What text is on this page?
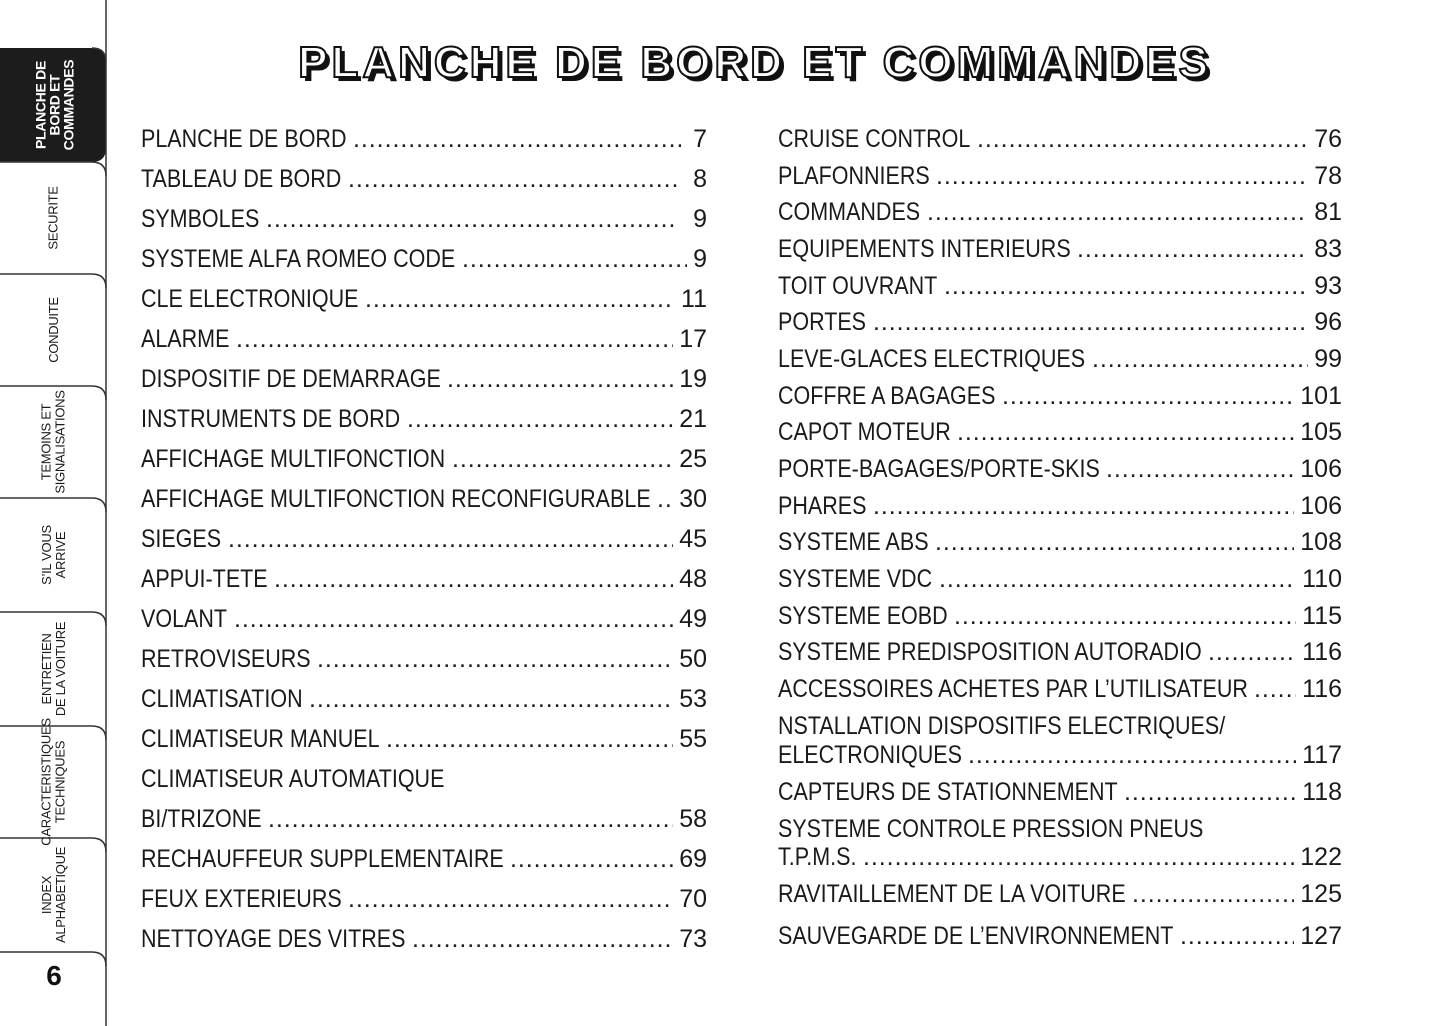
PLANCHE DE
BORD ET
COMMANDES
SECURITE
CONDUITE
TEMOINS ET SIGNALISATIONS
S’IL VOUS ARRIVE
ENTRETIEN DE LA VOITURE
CARACTERISTIQUES TECHNIQUES
INDEX ALPHABETIQUE
6
PLANCHE DE BORD ET COMMANDES
PLANCHE DE BORD . . .	7
TABLEAU DE BORD . . .	8
SYMBOLES . . .	9
SYSTEME ALFA ROMEO CODE . . .	9
CLE ELECTRONIQUE . . .	11
ALARME . . .	17
DISPOSITIF DE DEMARRAGE . . .	19
INSTRUMENTS DE BORD . . .	21
AFFICHAGE MULTIFONCTION . . .	25
AFFICHAGE MULTIFONCTION RECONFIGURABLE . . . 30
SIEGES . . .	45
APPUI-TETE . . .	48
VOLANT . . .	49
RETROVISEURS . . .	50
CLIMATISATION . . .	53
CLIMATISEUR MANUEL . . .	55
CLIMATISEUR AUTOMATIQUE
BI/TRIZONE . . .	58
RECHAUFFEUR SUPPLEMENTAIRE . . .	69
FEUX EXTERIEURS . . .	70
NETTOYAGE DES VITRES . . .	73
CRUISE CONTROL . . .	76
PLAFONNIERS . . .	78
COMMANDES . . .	81
EQUIPEMENTS INTERIEURS . . .	83
TOIT OUVRANT . . .	93
PORTES . . .	96
LEVE-GLACES ELECTRIQUES . . .	99
COFFRE A BAGAGES . . .	101
CAPOT MOTEUR . . .	105
PORTE-BAGAGES/PORTE-SKIS . . .	106
PHARES . . .	106
SYSTEME ABS . . .	108
SYSTEME VDC . . .	110
SYSTEME EOBD . . .	115
SYSTEME PREDISPOSITION AUTORADIO . . .	116
ACCESSOIRES ACHETES PAR L’UTILISATEUR . . . 116
NSTALLATION DISPOSITIFS ELECTRIQUES/
ELECTRONIQUES . . .	117
CAPTEURS DE STATIONNEMENT . . .	118
SYSTEME CONTROLE PRESSION PNEUS
T.P.M.S. . . .	122
RAVITAILLEMENT DE LA VOITURE . . .	125
SAUVEGARDE DE L’ENVIRONNEMENT . . .	127
